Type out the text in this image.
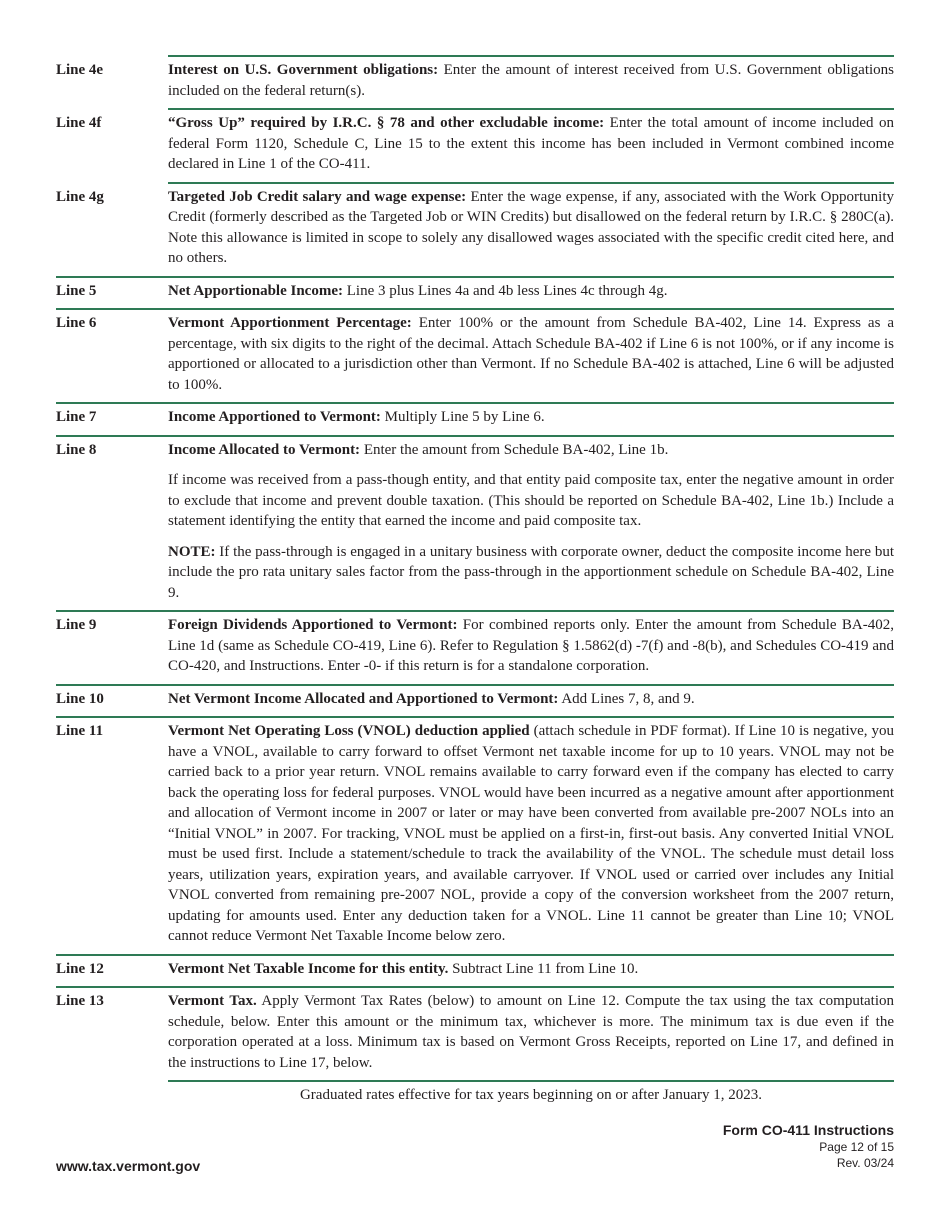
Line 4e	Interest on U.S. Government obligations: Enter the amount of interest received from U.S. Government obligations included on the federal return(s).

Line 4f	“Gross Up” required by I.R.C. § 78 and other excludable income: Enter the total amount of income included on federal Form 1120, Schedule C, Line 15 to the extent this income has been included in Vermont combined income declared in Line 1 of the CO-411.

Line 4g	Targeted Job Credit salary and wage expense: Enter the wage expense, if any, associated with the Work Opportunity Credit (formerly described as the Targeted Job or WIN Credits) but disallowed on the federal return by I.R.C. § 280C(a). Note this allowance is limited in scope to solely any disallowed wages associated with the specific credit cited here, and no others.

Line 5	Net Apportionable Income: Line 3 plus Lines 4a and 4b less Lines 4c through 4g.

Line 6	Vermont Apportionment Percentage: Enter 100% or the amount from Schedule BA-402, Line 14. Express as a percentage, with six digits to the right of the decimal. Attach Schedule BA-402 if Line 6 is not 100%, or if any income is apportioned or allocated to a jurisdiction other than Vermont. If no Schedule BA-402 is attached, Line 6 will be adjusted to 100%.

Line 7	Income Apportioned to Vermont: Multiply Line 5 by Line 6.

Line 8	Income Allocated to Vermont: Enter the amount from Schedule BA-402, Line 1b.

If income was received from a pass-though entity, and that entity paid composite tax, enter the negative amount in order to exclude that income and prevent double taxation. (This should be reported on Schedule BA-402, Line 1b.) Include a statement identifying the entity that earned the income and paid composite tax.

NOTE: If the pass-through is engaged in a unitary business with corporate owner, deduct the composite income here but include the pro rata unitary sales factor from the pass-through in the apportionment schedule on Schedule BA-402, Line 9.

Line 9	Foreign Dividends Apportioned to Vermont: For combined reports only. Enter the amount from Schedule BA-402, Line 1d (same as Schedule CO-419, Line 6). Refer to Regulation § 1.5862(d) -7(f) and -8(b), and Schedules CO-419 and CO-420, and Instructions. Enter -0- if this return is for a standalone corporation.

Line 10	Net Vermont Income Allocated and Apportioned to Vermont: Add Lines 7, 8, and 9.

Line 11	Vermont Net Operating Loss (VNOL) deduction applied (attach schedule in PDF format). If Line 10 is negative, you have a VNOL, available to carry forward to offset Vermont net taxable income for up to 10 years. VNOL may not be carried back to a prior year return. VNOL remains available to carry forward even if the company has elected to carry back the operating loss for federal purposes. VNOL would have been incurred as a negative amount after apportionment and allocation of Vermont income in 2007 or later or may have been converted from available pre-2007 NOLs into an “Initial VNOL” in 2007. For tracking, VNOL must be applied on a first-in, first-out basis. Any converted Initial VNOL must be used first. Include a statement/schedule to track the availability of the VNOL. The schedule must detail loss years, utilization years, expiration years, and available carryover. If VNOL used or carried over includes any Initial VNOL converted from remaining pre-2007 NOL, provide a copy of the conversion worksheet from the 2007 return, updating for amounts used. Enter any deduction taken for a VNOL. Line 11 cannot be greater than Line 10; VNOL cannot reduce Vermont Net Taxable Income below zero.

Line 12	Vermont Net Taxable Income for this entity. Subtract Line 11 from Line 10.

Line 13	Vermont Tax. Apply Vermont Tax Rates (below) to amount on Line 12. Compute the tax using the tax computation schedule, below. Enter this amount or the minimum tax, whichever is more. The minimum tax is due even if the corporation operated at a loss. Minimum tax is based on Vermont Gross Receipts, reported on Line 17, and defined in the instructions to Line 17, below.

Graduated rates effective for tax years beginning on or after January 1, 2023.
Form CO-411 Instructions
Page 12 of 15
Rev. 03/24
www.tax.vermont.gov
